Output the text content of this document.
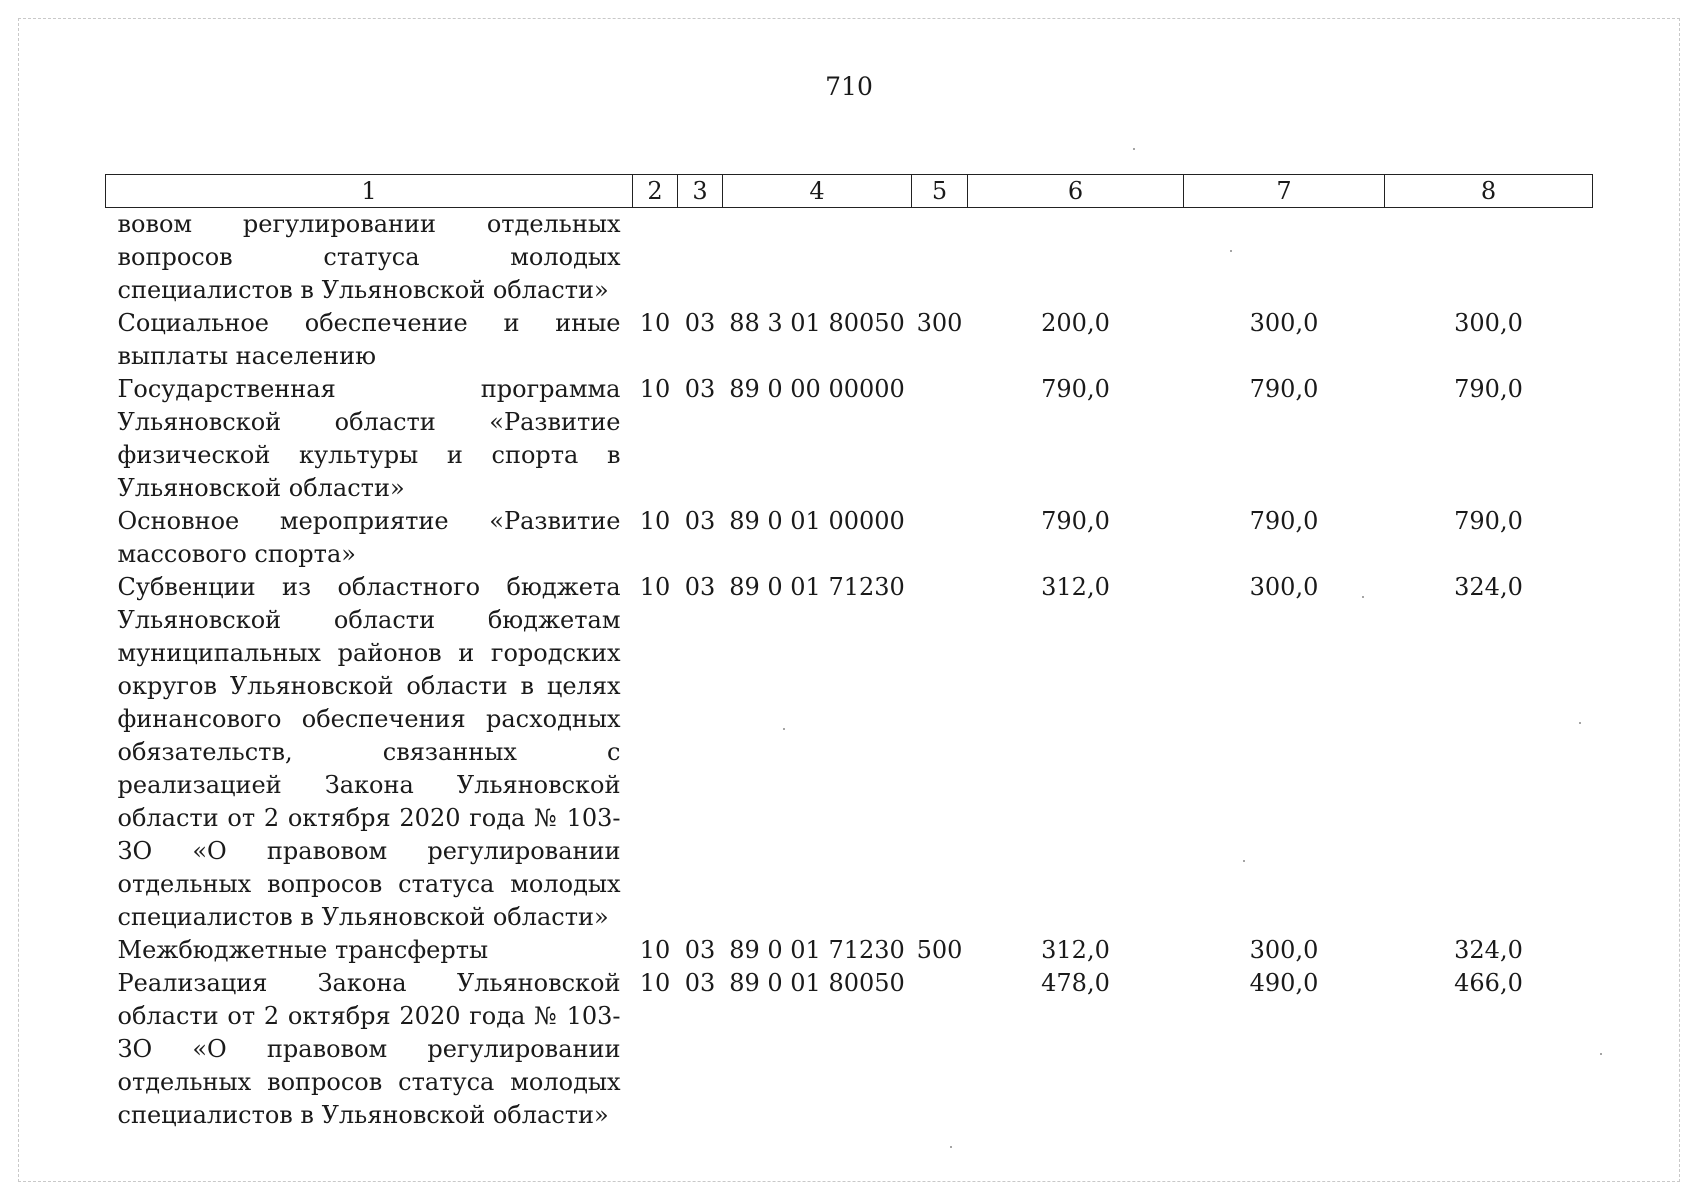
710
1	2	3	4	5	6	7	8
вовом регулировании отдельных вопросов статуса молодых специалистов в Ульяновской области»							
Социальное обеспечение и иные выплаты населению	10	03	88 3 01 80050	300	200,0	300,0	300,0
Государственная программа Ульяновской области «Развитие физической культуры и спорта в Ульяновской области»	10	03	89 0 00 00000		790,0	790,0	790,0
Основное мероприятие «Развитие массового спорта»	10	03	89 0 01 00000		790,0	790,0	790,0
Субвенции из областного бюджета Ульяновской области бюджетам муниципальных районов и городских округов Ульяновской области в целях финансового обеспечения расходных обязательств, связанных с реализацией Закона Ульяновской области от 2 октября 2020 года № 103-ЗО «О правовом регулировании отдельных вопросов статуса молодых специалистов в Ульяновской области»	10	03	89 0 01 71230		312,0	300,0	324,0
Межбюджетные трансферты	10	03	89 0 01 71230	500	312,0	300,0	324,0
Реализация Закона Ульяновской области от 2 октября 2020 года № 103-ЗО «О правовом регулировании отдельных вопросов статуса молодых специалистов в Ульяновской области»	10	03	89 0 01 80050		478,0	490,0	466,0
